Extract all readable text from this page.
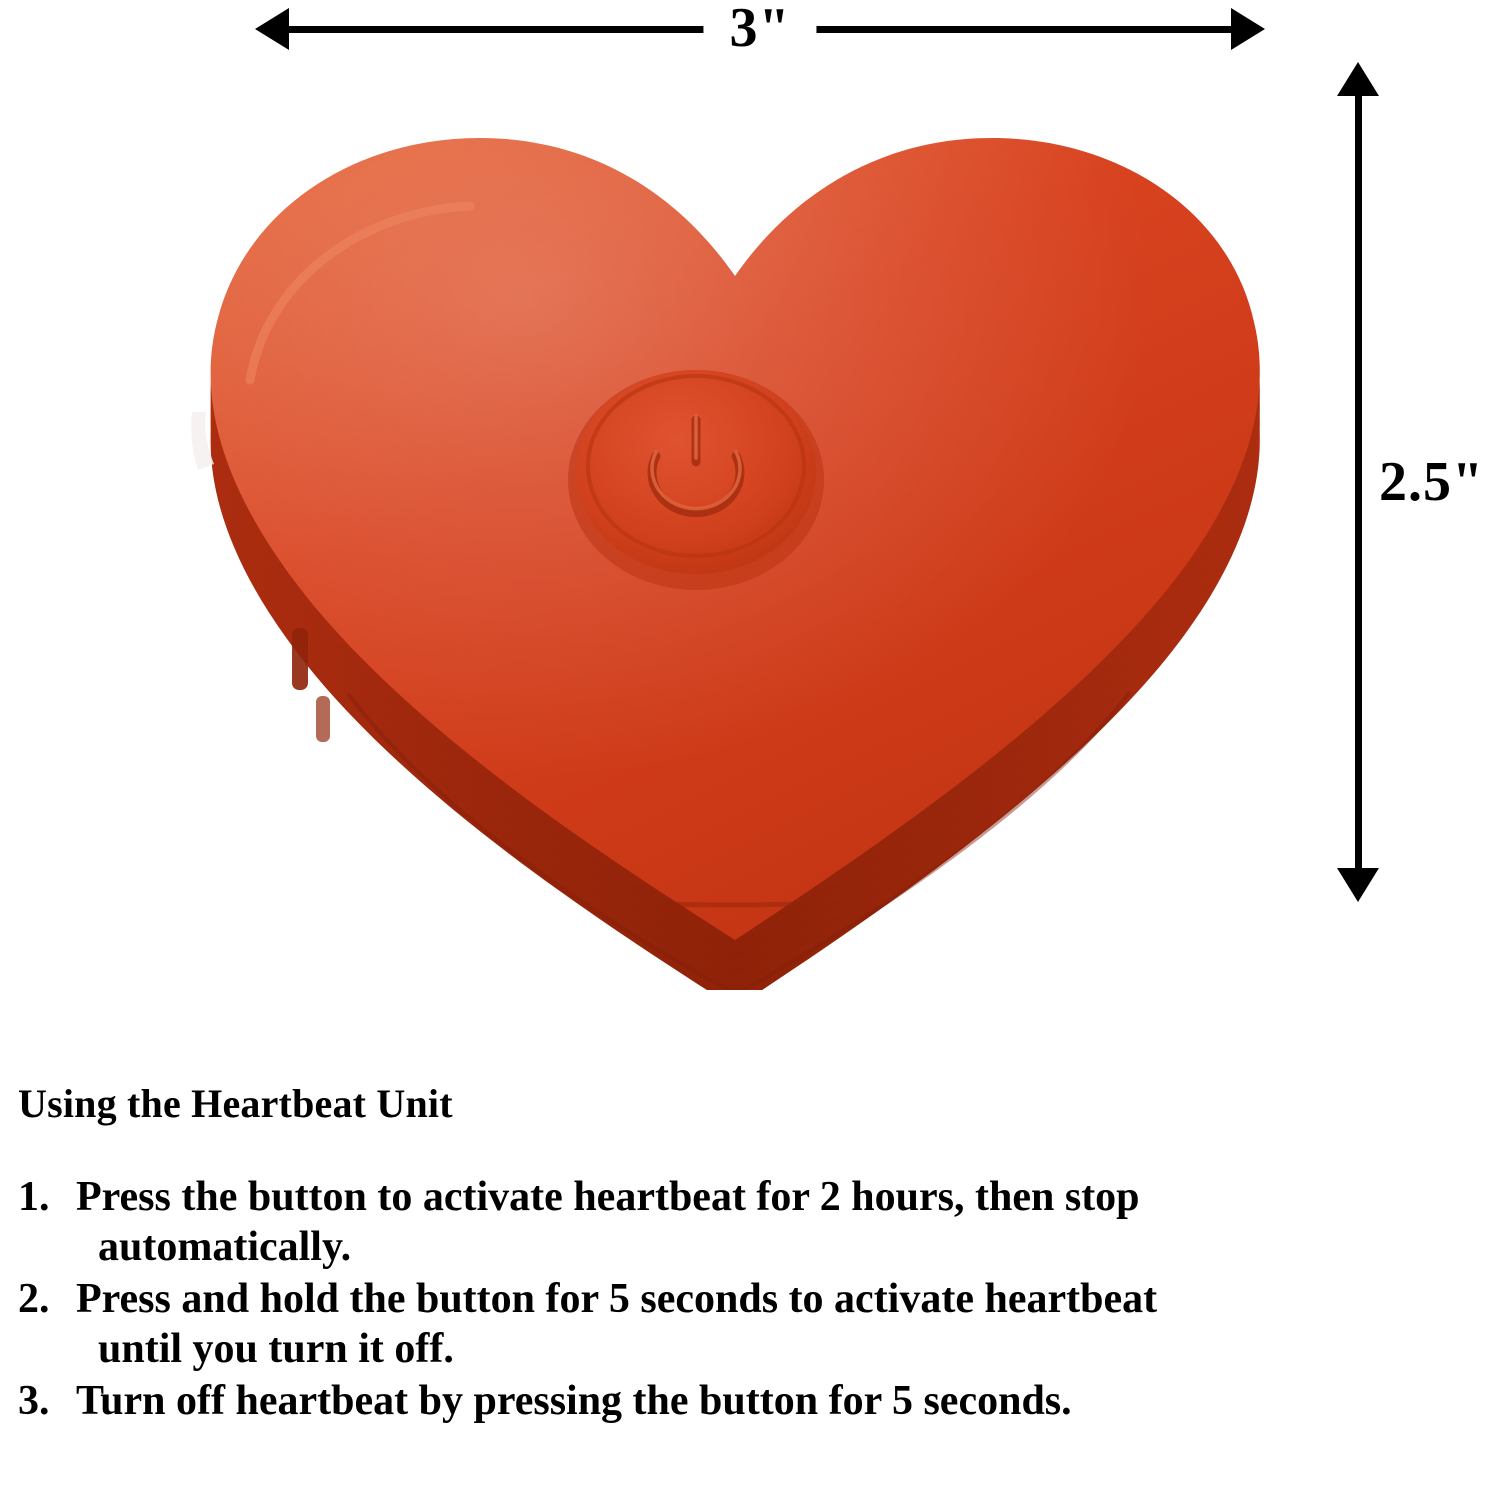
3"
2.5"
Using the Heartbeat Unit
1. Press the button to activate heartbeat for 2 hours, then stop
automatically.
2. Press and hold the button for 5 seconds to activate heartbeat
until you turn it off.
3. Turn off heartbeat by pressing the button for 5 seconds.
